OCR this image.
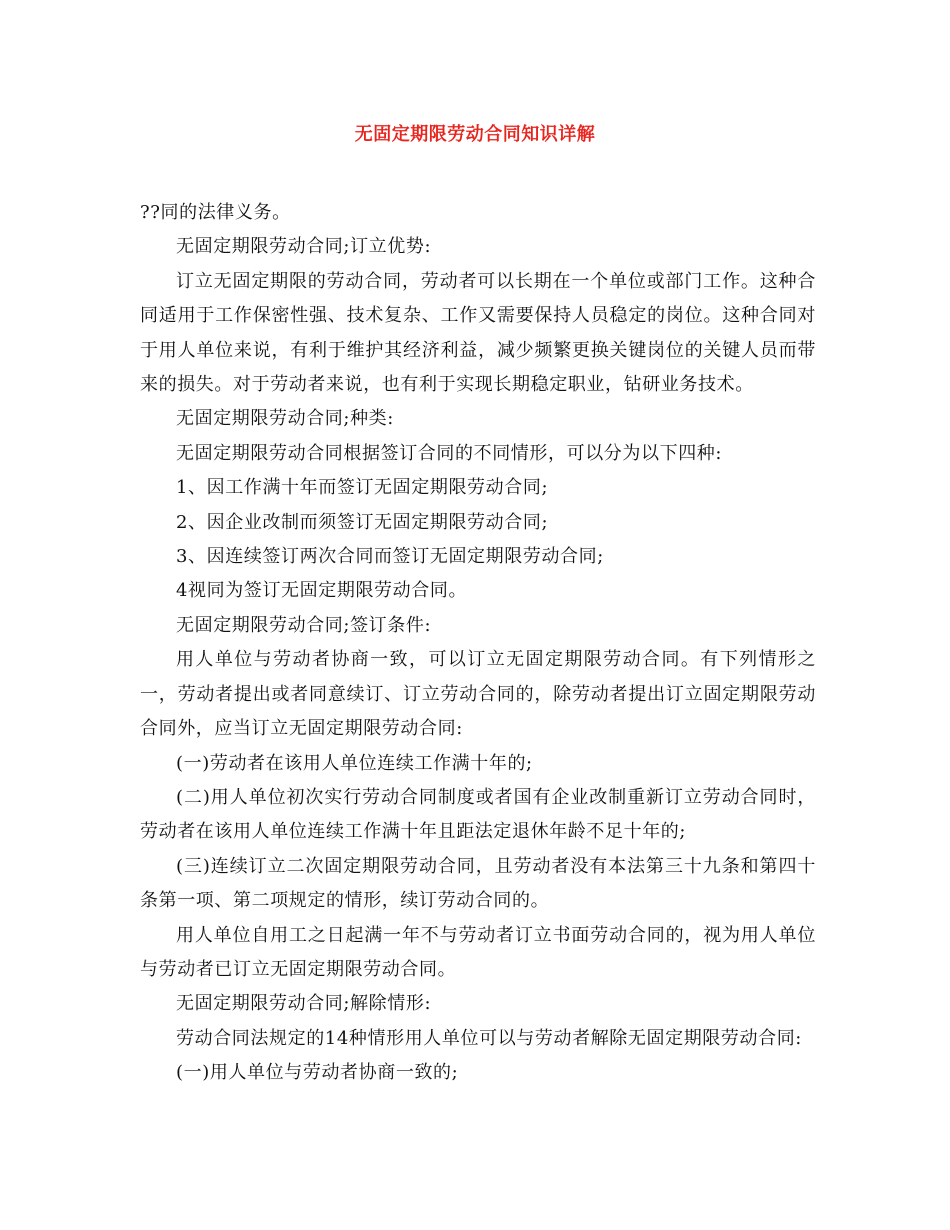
无固定期限劳动合同知识详解

??同的法律义务。

无固定期限劳动合同;订立优势:

订立无固定期限的劳动合同，劳动者可以长期在一个单位或部门工作。这种合同适用于工作保密性强、技术复杂、工作又需要保持人员稳定的岗位。这种合同对于用人单位来说，有利于维护其经济利益，减少频繁更换关键岗位的关键人员而带来的损失。对于劳动者来说，也有利于实现长期稳定职业，钻研业务技术。

无固定期限劳动合同;种类:

无固定期限劳动合同根据签订合同的不同情形，可以分为以下四种:

1、因工作满十年而签订无固定期限劳动合同;

2、因企业改制而须签订无固定期限劳动合同;

3、因连续签订两次合同而签订无固定期限劳动合同;

4视同为签订无固定期限劳动合同。

无固定期限劳动合同;签订条件:

用人单位与劳动者协商一致，可以订立无固定期限劳动合同。有下列情形之一，劳动者提出或者同意续订、订立劳动合同的，除劳动者提出订立固定期限劳动合同外，应当订立无固定期限劳动合同:

(一)劳动者在该用人单位连续工作满十年的;

(二)用人单位初次实行劳动合同制度或者国有企业改制重新订立劳动合同时，劳动者在该用人单位连续工作满十年且距法定退休年龄不足十年的;

(三)连续订立二次固定期限劳动合同，且劳动者没有本法第三十九条和第四十条第一项、第二项规定的情形，续订劳动合同的。

用人单位自用工之日起满一年不与劳动者订立书面劳动合同的，视为用人单位与劳动者已订立无固定期限劳动合同。

无固定期限劳动合同;解除情形:

劳动合同法规定的14种情形用人单位可以与劳动者解除无固定期限劳动合同:

(一)用人单位与劳动者协商一致的;
